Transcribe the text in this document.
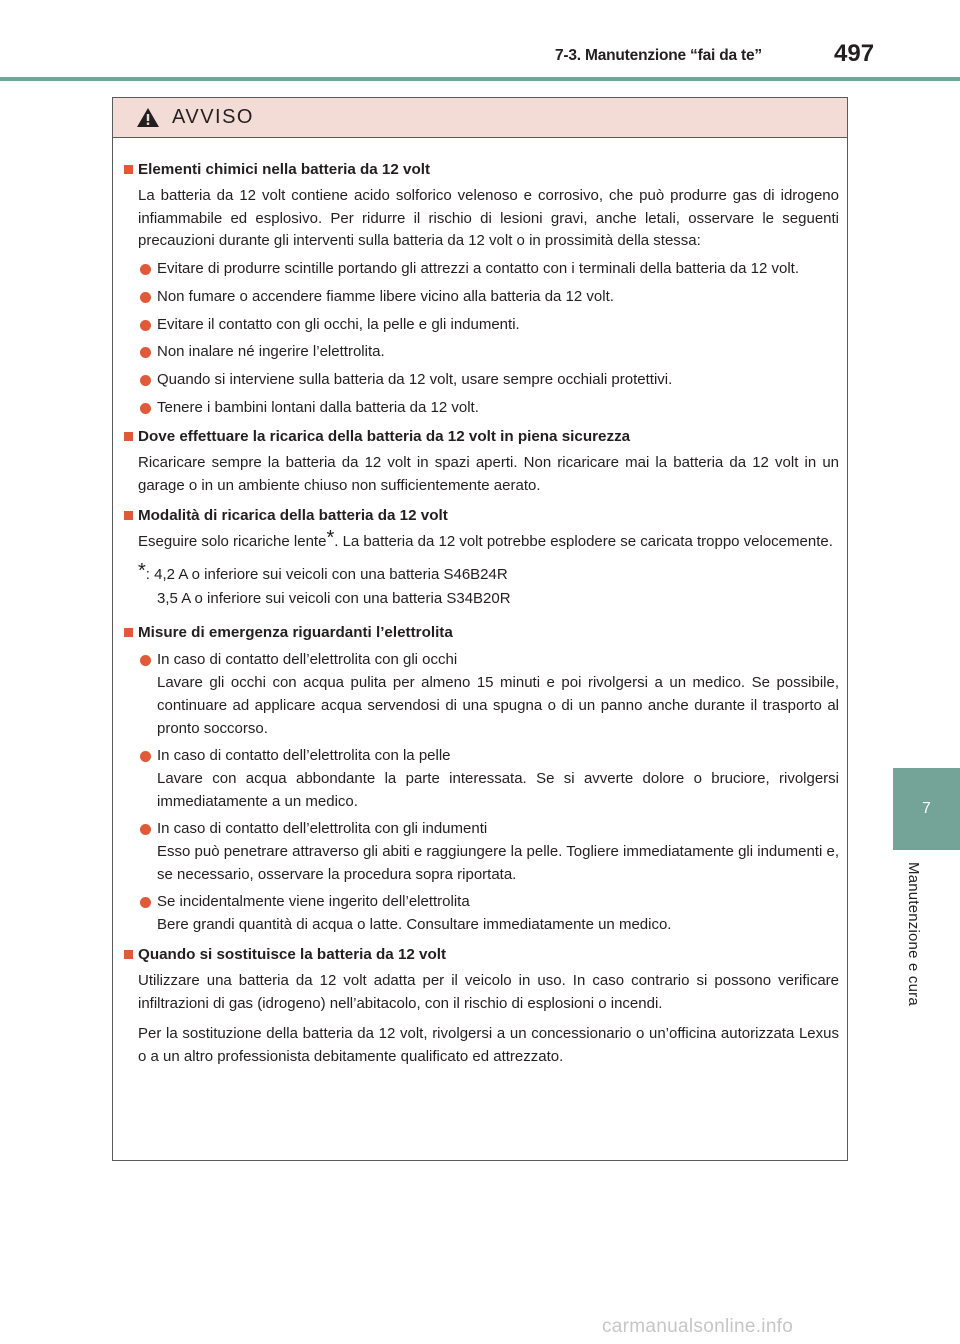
7-3. Manutenzione “fai da te”	497
7
Manutenzione e cura
AVVISO
Elementi chimici nella batteria da 12 volt
La batteria da 12 volt contiene acido solforico velenoso e corrosivo, che può produrre gas di idrogeno infiammabile ed esplosivo. Per ridurre il rischio di lesioni gravi, anche letali, osservare le seguenti precauzioni durante gli interventi sulla batteria da 12 volt o in prossimità della stessa:
Evitare di produrre scintille portando gli attrezzi a contatto con i terminali della batteria da 12 volt.
Non fumare o accendere fiamme libere vicino alla batteria da 12 volt.
Evitare il contatto con gli occhi, la pelle e gli indumenti.
Non inalare né ingerire l’elettrolita.
Quando si interviene sulla batteria da 12 volt, usare sempre occhiali protettivi.
Tenere i bambini lontani dalla batteria da 12 volt.
Dove effettuare la ricarica della batteria da 12 volt in piena sicurezza
Ricaricare sempre la batteria da 12 volt in spazi aperti. Non ricaricare mai la batteria da 12 volt in un garage o in un ambiente chiuso non sufficientemente aerato.
Modalità di ricarica della batteria da 12 volt
Eseguire solo ricariche lente*. La batteria da 12 volt potrebbe esplodere se caricata troppo velocemente.
*: 4,2 A o inferiore sui veicoli con una batteria S46B24R
3,5 A o inferiore sui veicoli con una batteria S34B20R
Misure di emergenza riguardanti l’elettrolita
In caso di contatto dell’elettrolita con gli occhi
Lavare gli occhi con acqua pulita per almeno 15 minuti e poi rivolgersi a un medico. Se possibile, continuare ad applicare acqua servendosi di una spugna o di un panno anche durante il trasporto al pronto soccorso.
In caso di contatto dell’elettrolita con la pelle
Lavare con acqua abbondante la parte interessata. Se si avverte dolore o bruciore, rivolgersi immediatamente a un medico.
In caso di contatto dell’elettrolita con gli indumenti
Esso può penetrare attraverso gli abiti e raggiungere la pelle. Togliere immediatamente gli indumenti e, se necessario, osservare la procedura sopra riportata.
Se incidentalmente viene ingerito dell’elettrolita
Bere grandi quantità di acqua o latte. Consultare immediatamente un medico.
Quando si sostituisce la batteria da 12 volt
Utilizzare una batteria da 12 volt adatta per il veicolo in uso. In caso contrario si possono verificare infiltrazioni di gas (idrogeno) nell’abitacolo, con il rischio di esplosioni o incendi.
Per la sostituzione della batteria da 12 volt, rivolgersi a un concessionario o un’officina autorizzata Lexus o a un altro professionista debitamente qualificato ed attrezzato.
carmanualsonline.info
